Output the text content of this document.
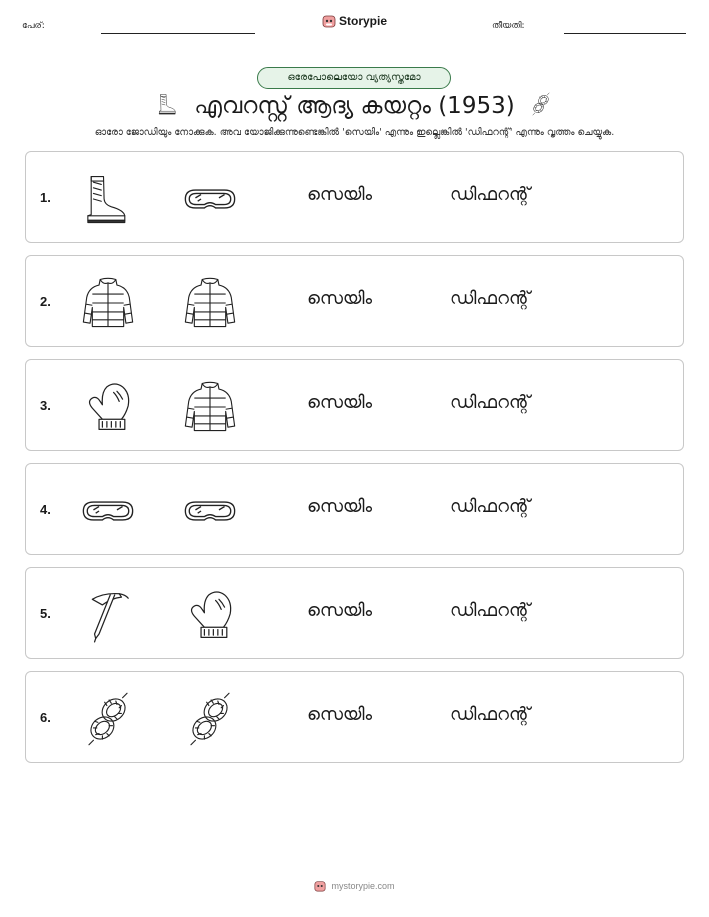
പേര്:	Storypie	തീയതി:
ഒരേപോലെയോ വ്യത്യസ്തമോ
എവറസ്റ്റ് ആദ്യ കയറ്റം (1953)
ഓരോ ജോഡിയും നോക്കുക. അവ യോജിക്കുന്നുണ്ടെങ്കിൽ 'സെയിം' എന്നും ഇല്ലെങ്കിൽ 'ഡിഫറന്റ്' എന്നും വൃത്തം ചെയ്യുക.
1.	സെയിം	ഡിഫറന്റ്
2.	സെയിം	ഡിഫറന്റ്
3.	സെയിം	ഡിഫറന്റ്
4.	സെയിം	ഡിഫറന്റ്
5.	സെയിം	ഡിഫറന്റ്
6.	സെയിം	ഡിഫറന്റ്
mystorypie.com
